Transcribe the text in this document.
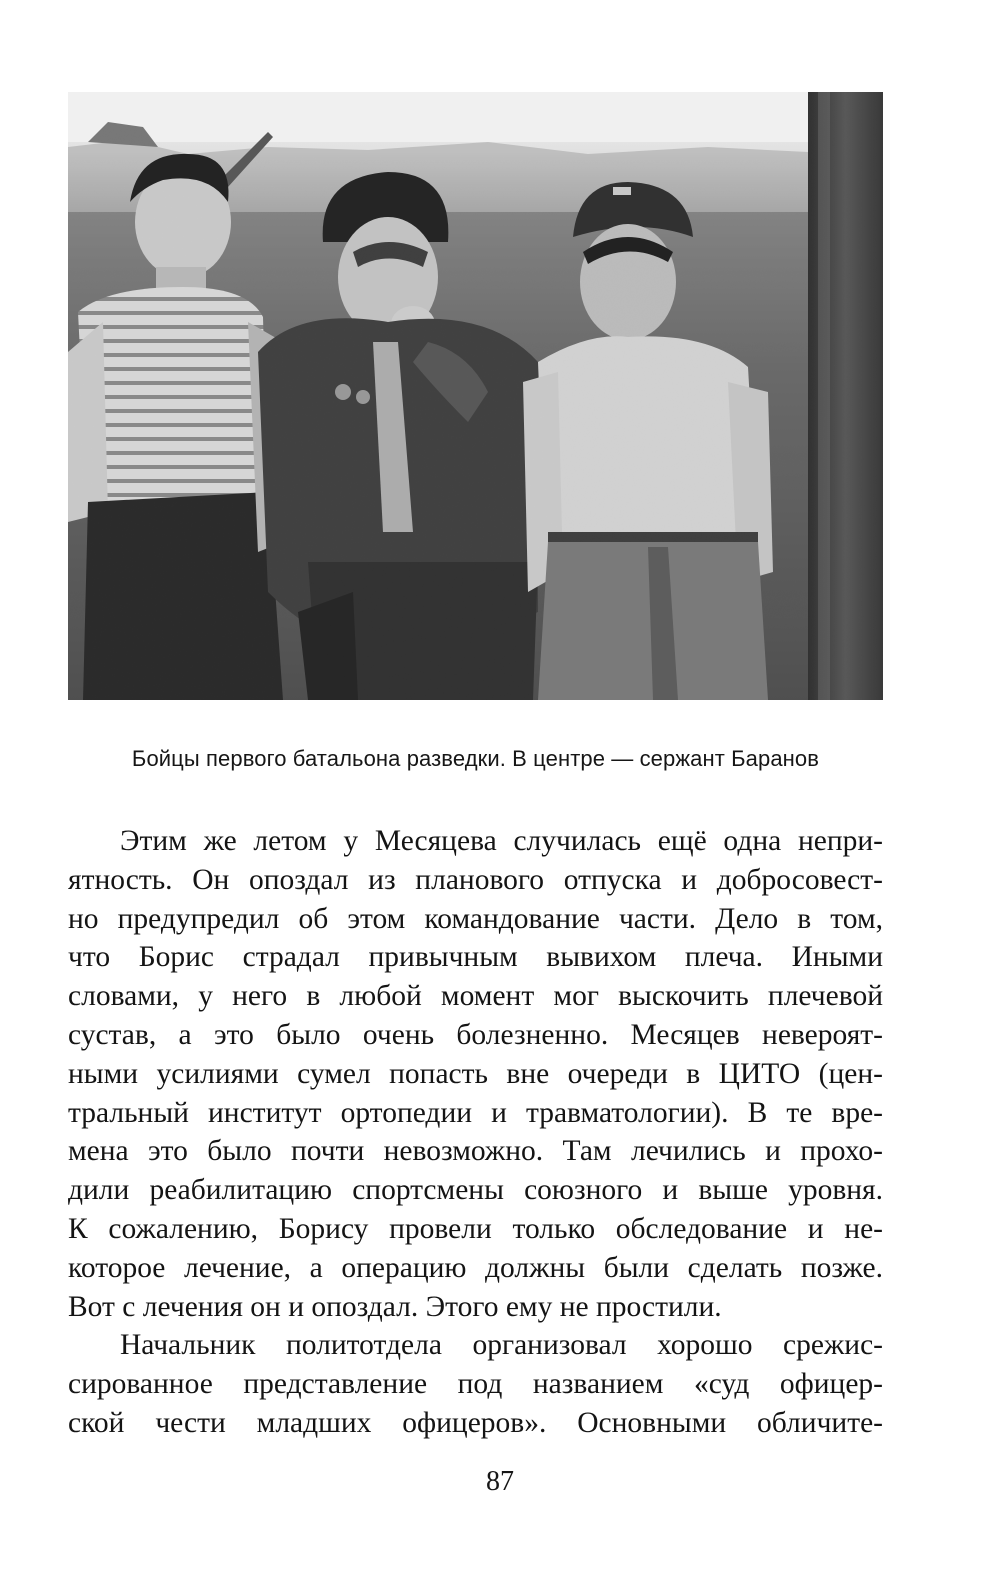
Бойцы первого батальона разведки. В центре — сержант Баранов
Этим же летом у Месяцева случилась ещё одна непри-
ятность. Он опоздал из планового отпуска и добросовест-
но предупредил об этом командование части. Дело в том,
что Борис страдал привычным вывихом плеча. Иными
словами, у него в любой момент мог выскочить плечевой
сустав, а это было очень болезненно. Месяцев невероят-
ными усилиями сумел попасть вне очереди в ЦИТО (цен-
тральный институт ортопедии и травматологии). В те вре-
мена это было почти невозможно. Там лечились и прохо-
дили реабилитацию спортсмены союзного и выше уровня.
К сожалению, Борису провели только обследование и не-
которое лечение, а операцию должны были сделать позже.
Вот с лечения он и опоздал. Этого ему не простили.
Начальник политотдела организовал хорошо срежис-
сированное представление под названием «суд офицер-
ской чести младших офицеров». Основными обличите-
87
